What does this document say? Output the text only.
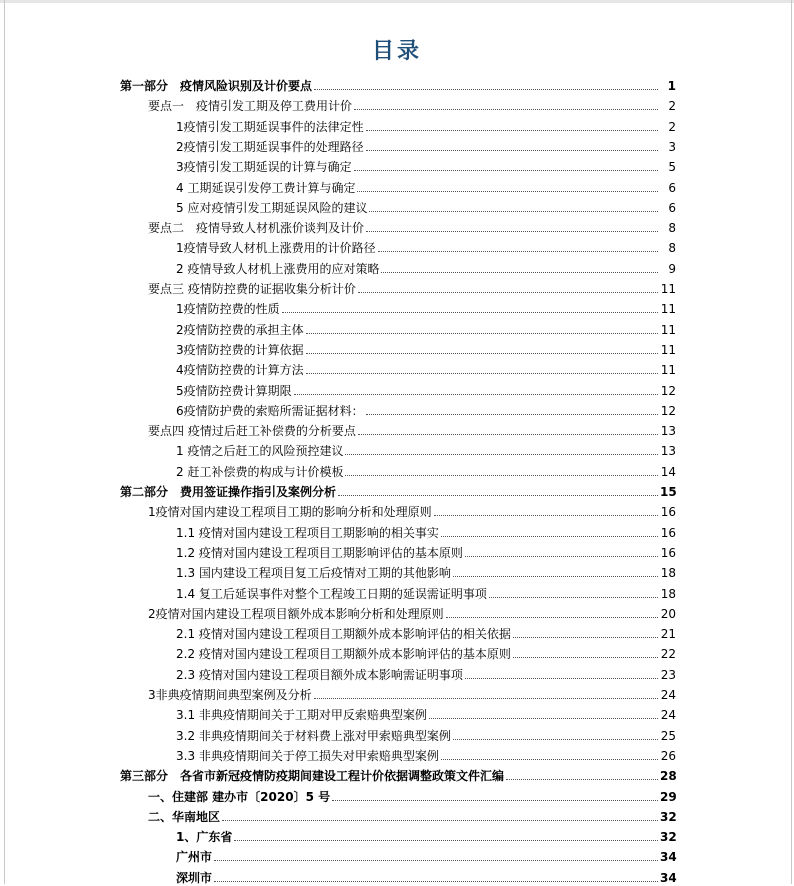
目录
第一部分　疫情风险识别及计价要点	1
要点一　疫情引发工期及停工费用计价	2
1疫情引发工期延误事件的法律定性	2
2疫情引发工期延误事件的处理路径	3
3疫情引发工期延误的计算与确定	5
4 工期延误引发停工费计算与确定	6
5 应对疫情引发工期延误风险的建议	6
要点二　疫情导致人材机涨价谈判及计价	8
1疫情导致人材机上涨费用的计价路径	8
2 疫情导致人材机上涨费用的应对策略	9
要点三 疫情防控费的证据收集分析计价	11
1疫情防控费的性质	11
2疫情防控费的承担主体	11
3疫情防控费的计算依据	11
4疫情防控费的计算方法	11
5疫情防控费计算期限	12
6疫情防护费的索赔所需证据材料：	12
要点四 疫情过后赶工补偿费的分析要点	13
1 疫情之后赶工的风险预控建议	13
2 赶工补偿费的构成与计价模板	14
第二部分　费用签证操作指引及案例分析	15
1疫情对国内建设工程项目工期的影响分析和处理原则	16
1.1 疫情对国内建设工程项目工期影响的相关事实	16
1.2 疫情对国内建设工程项目工期影响评估的基本原则	16
1.3 国内建设工程项目复工后疫情对工期的其他影响	18
1.4 复工后延误事件对整个工程竣工日期的延误需证明事项	18
2疫情对国内建设工程项目额外成本影响分析和处理原则	20
2.1 疫情对国内建设工程项目工期额外成本影响评估的相关依据	21
2.2 疫情对国内建设工程项目工期额外成本影响评估的基本原则	22
2.3 疫情对国内建设工程项目额外成本影响需证明事项	23
3非典疫情期间典型案例及分析	24
3.1 非典疫情期间关于工期对甲反索赔典型案例	24
3.2 非典疫情期间关于材料费上涨对甲索赔典型案例	25
3.3 非典疫情期间关于停工损失对甲索赔典型案例	26
第三部分　各省市新冠疫情防疫期间建设工程计价依据调整政策文件汇编	28
一、住建部 建办市〔2020〕5 号	29
二、华南地区	32
1、广东省	32
广州市	34
深圳市	34
